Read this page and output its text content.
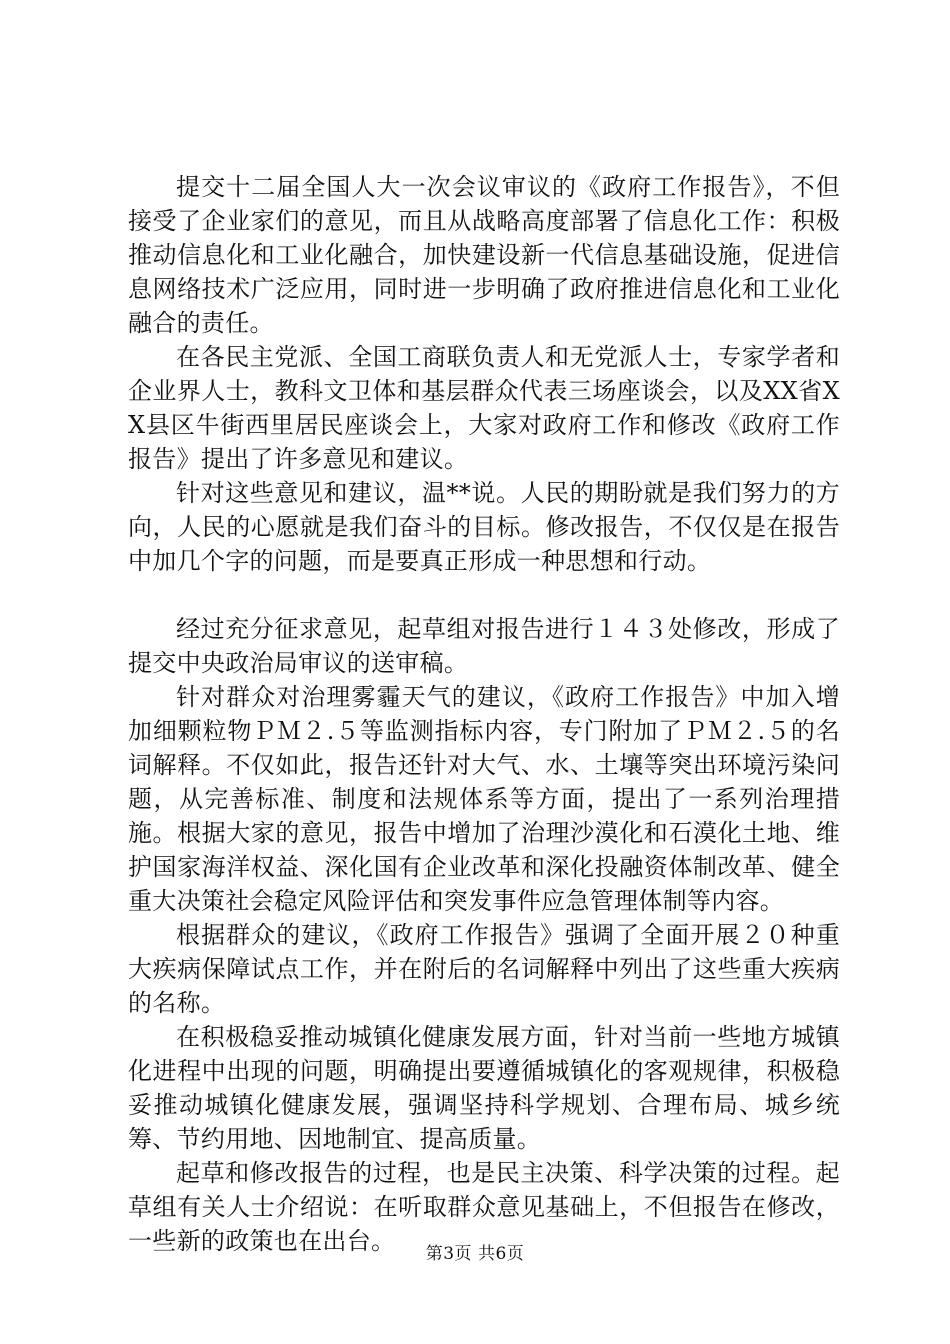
提交十二届全国人大一次会议审议的《政府工作报告》，不但接受了企业家们的意见，而且从战略高度部署了信息化工作：积极推动信息化和工业化融合，加快建设新一代信息基础设施，促进信息网络技术广泛应用，同时进一步明确了政府推进信息化和工业化融合的责任。

在各民主党派、全国工商联负责人和无党派人士，专家学者和企业界人士，教科文卫体和基层群众代表三场座谈会，以及XX省XX县区牛街西里居民座谈会上，大家对政府工作和修改《政府工作报告》提出了许多意见和建议。

针对这些意见和建议，温**说。人民的期盼就是我们努力的方向，人民的心愿就是我们奋斗的目标。修改报告，不仅仅是在报告中加几个字的问题，而是要真正形成一种思想和行动。

经过充分征求意见，起草组对报告进行１４３处修改，形成了提交中央政治局审议的送审稿。

针对群众对治理雾霾天气的建议，《政府工作报告》中加入增加细颗粒物ＰＭ２.５等监测指标内容，专门附加了ＰＭ２.５的名词解释。不仅如此，报告还针对大气、水、土壤等突出环境污染问题，从完善标准、制度和法规体系等方面，提出了一系列治理措施。根据大家的意见，报告中增加了治理沙漠化和石漠化土地、维护国家海洋权益、深化国有企业改革和深化投融资体制改革、健全重大决策社会稳定风险评估和突发事件应急管理体制等内容。

根据群众的建议，《政府工作报告》强调了全面开展２０种重大疾病保障试点工作，并在附后的名词解释中列出了这些重大疾病的名称。

在积极稳妥推动城镇化健康发展方面，针对当前一些地方城镇化进程中出现的问题，明确提出要遵循城镇化的客观规律，积极稳妥推动城镇化健康发展，强调坚持科学规划、合理布局、城乡统筹、节约用地、因地制宜、提高质量。

起草和修改报告的过程，也是民主决策、科学决策的过程。起草组有关人士介绍说：在听取群众意见基础上，不但报告在修改，一些新的政策也在出台。	第3页 共6页
